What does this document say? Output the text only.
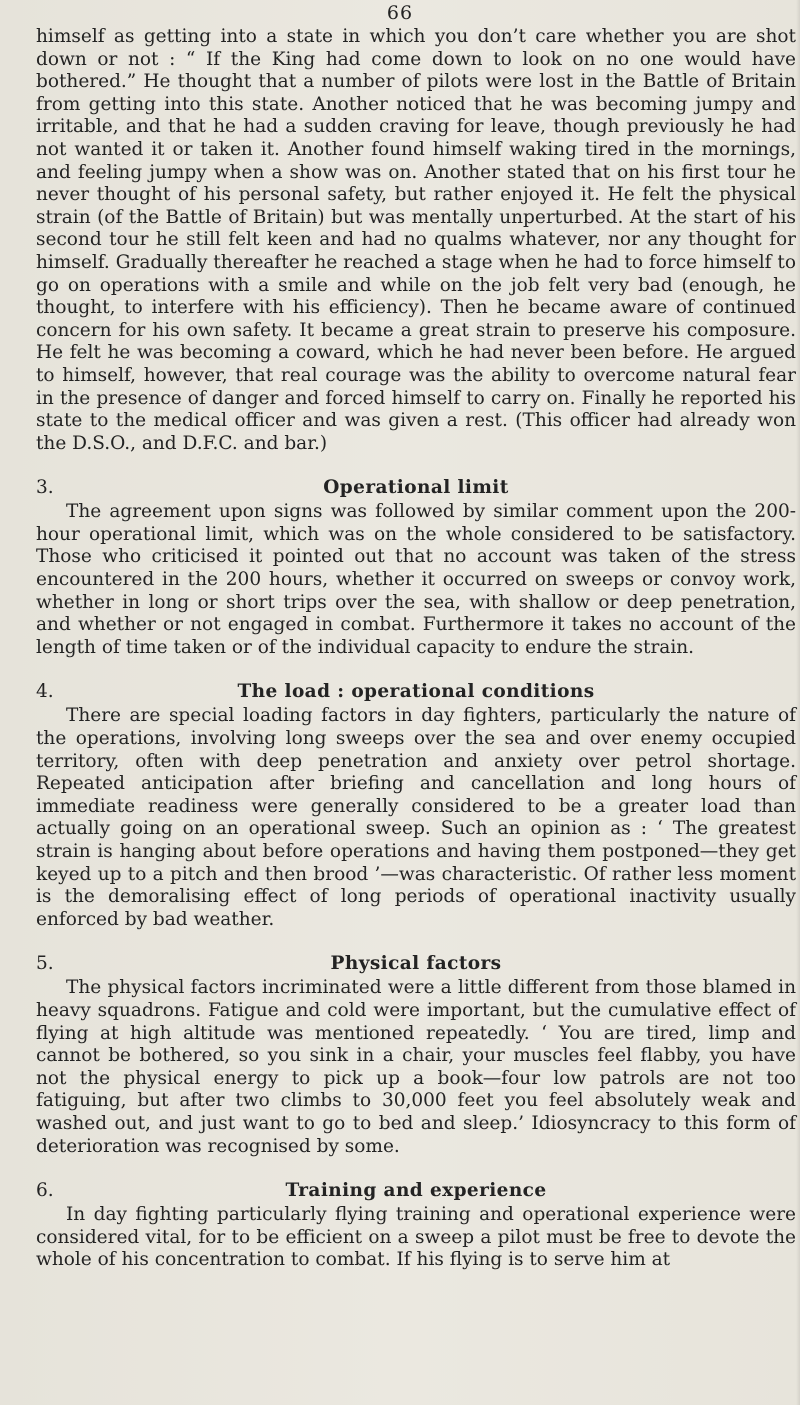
66

himself as getting into a state in which you don’t care whether you are shot down or not : “ If the King had come down to look on no one would have bothered.” He thought that a number of pilots were lost in the Battle of Britain from getting into this state. Another noticed that he was becoming jumpy and irritable, and that he had a sudden craving for leave, though previously he had not wanted it or taken it. Another found himself waking tired in the mornings, and feeling jumpy when a show was on. Another stated that on his first tour he never thought of his personal safety, but rather enjoyed it. He felt the physical strain (of the Battle of Britain) but was mentally unperturbed. At the start of his second tour he still felt keen and had no qualms whatever, nor any thought for himself. Gradually thereafter he reached a stage when he had to force himself to go on operations with a smile and while on the job felt very bad (enough, he thought, to interfere with his efficiency). Then he became aware of continued concern for his own safety. It became a great strain to preserve his composure. He felt he was becoming a coward, which he had never been before. He argued to himself, however, that real courage was the ability to overcome natural fear in the presence of danger and forced himself to carry on. Finally he reported his state to the medical officer and was given a rest. (This officer had already won the D.S.O., and D.F.C. and bar.)

3.	Operational limit

The agreement upon signs was followed by similar comment upon the 200-hour operational limit, which was on the whole considered to be satisfactory. Those who criticised it pointed out that no account was taken of the stress encountered in the 200 hours, whether it occurred on sweeps or convoy work, whether in long or short trips over the sea, with shallow or deep penetration, and whether or not engaged in combat. Furthermore it takes no account of the length of time taken or of the individual capacity to endure the strain.

4.	The load : operational conditions

There are special loading factors in day fighters, particularly the nature of the operations, involving long sweeps over the sea and over enemy occupied territory, often with deep penetration and anxiety over petrol shortage. Repeated anticipation after briefing and cancellation and long hours of immediate readiness were generally considered to be a greater load than actually going on an operational sweep. Such an opinion as : ‘ The greatest strain is hanging about before operations and having them postponed—they get keyed up to a pitch and then brood ’—was characteristic. Of rather less moment is the demoralising effect of long periods of operational inactivity usually enforced by bad weather.

5.	Physical factors

The physical factors incriminated were a little different from those blamed in heavy squadrons. Fatigue and cold were important, but the cumulative effect of flying at high altitude was mentioned repeatedly. ‘ You are tired, limp and cannot be bothered, so you sink in a chair, your muscles feel flabby, you have not the physical energy to pick up a book—four low patrols are not too fatiguing, but after two climbs to 30,000 feet you feel absolutely weak and washed out, and just want to go to bed and sleep.’ Idiosyncracy to this form of deterioration was recognised by some.

6.	Training and experience

In day fighting particularly flying training and operational experience were considered vital, for to be efficient on a sweep a pilot must be free to devote the whole of his concentration to combat. If his flying is to serve him at
